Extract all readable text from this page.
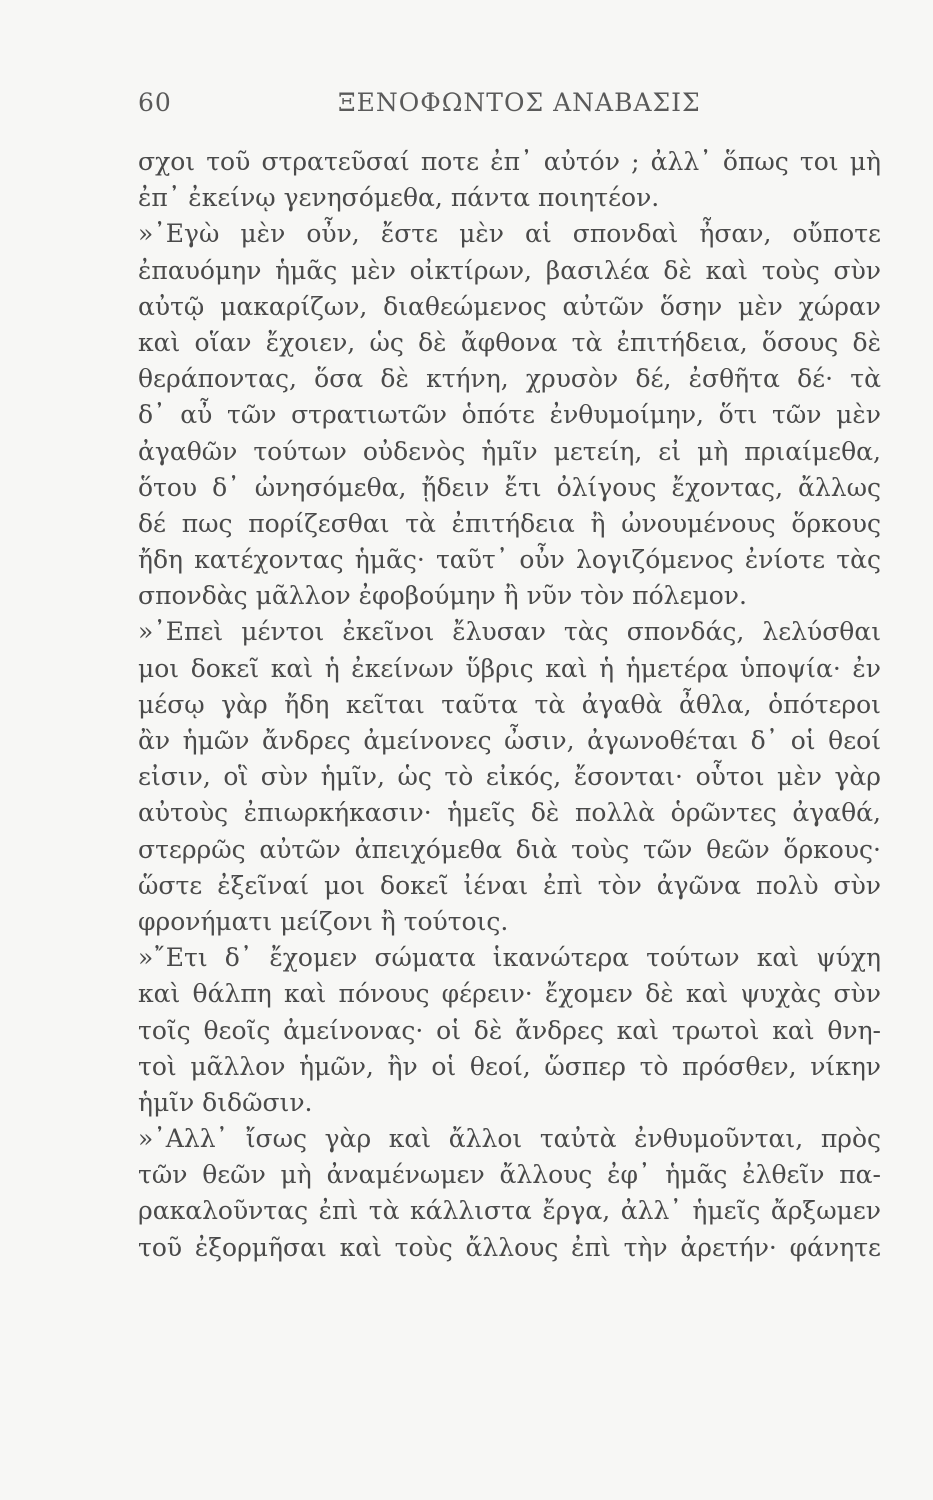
60	ΞΕΝΟΦΩΝΤΟΣ ΑΝΑΒΑΣΙΣ
σχοι τοῦ στρατεῦσαί ποτε ἐπ᾽ αὐτόν ; ἀλλ᾽ ὅπως τοι μὴ
ἐπ᾽ ἐκείνῳ γενησόμεθα, πάντα ποιητέον.
»᾽Εγὼ μὲν οὖν, ἔστε μὲν αἱ σπονδαὶ ἦσαν, οὔποτε
ἐπαυόμην ἡμᾶς μὲν οἰκτίρων, βασιλέα δὲ καὶ τοὺς σὺν
αὐτῷ μακαρίζων, διαθεώμενος αὐτῶν ὅσην μὲν χώραν
καὶ οἵαν ἔχοιεν, ὡς δὲ ἄφθονα τὰ ἐπιτήδεια, ὅσους δὲ
θεράποντας, ὅσα δὲ κτήνη, χρυσὸν δέ, ἐσθῆτα δέ· τὰ
δ᾽ αὖ τῶν στρατιωτῶν ὁπότε ἐνθυμοίμην, ὅτι τῶν μὲν
ἀγαθῶν τούτων οὐδενὸς ἡμῖν μετείη, εἰ μὴ πριαίμεθα,
ὅτου δ᾽ ὠνησόμεθα, ᾔδειν ἔτι ὀλίγους ἔχοντας, ἄλλως
δέ πως πορίζεσθαι τὰ ἐπιτήδεια ἢ ὠνουμένους ὅρκους
ἤδη κατέχοντας ἡμᾶς· ταῦτ᾽ οὖν λογιζόμενος ἐνίοτε τὰς
σπονδὰς μᾶλλον ἐφοβούμην ἢ νῦν τὸν πόλεμον.
»᾽Επεὶ μέντοι ἐκεῖνοι ἔλυσαν τὰς σπονδάς, λελύσθαι
μοι δοκεῖ καὶ ἡ ἐκείνων ὕβρις καὶ ἡ ἡμετέρα ὑποψία· ἐν
μέσῳ γὰρ ἤδη κεῖται ταῦτα τὰ ἀγαθὰ ἆθλα, ὁπότεροι
ἂν ἡμῶν ἄνδρες ἀμείνονες ὦσιν, ἀγωνοθέται δ᾽ οἱ θεοί
εἰσιν, οἳ σὺν ἡμῖν, ὡς τὸ εἰκός, ἔσονται· οὗτοι μὲν γὰρ
αὐτοὺς ἐπιωρκήκασιν· ἡμεῖς δὲ πολλὰ ὁρῶντες ἀγαθά,
στερρῶς αὐτῶν ἀπειχόμεθα διὰ τοὺς τῶν θεῶν ὅρκους·
ὥστε ἐξεῖναί μοι δοκεῖ ἰέναι ἐπὶ τὸν ἀγῶνα πολὺ σὺν
φρονήματι μείζονι ἢ τούτοις.
»῎Ετι δ᾽ ἔχομεν σώματα ἱκανώτερα τούτων καὶ ψύχη
καὶ θάλπη καὶ πόνους φέρειν· ἔχομεν δὲ καὶ ψυχὰς σὺν
τοῖς θεοῖς ἀμείνονας· οἱ δὲ ἄνδρες καὶ τρωτοὶ καὶ θνη-
τοὶ μᾶλλον ἡμῶν, ἢν οἱ θεοί, ὥσπερ τὸ πρόσθεν, νίκην
ἡμῖν διδῶσιν.
»᾽Αλλ᾽ ἴσως γὰρ καὶ ἄλλοι ταὐτὰ ἐνθυμοῦνται, πρὸς
τῶν θεῶν μὴ ἀναμένωμεν ἄλλους ἐφ᾽ ἡμᾶς ἐλθεῖν πα-
ρακαλοῦντας ἐπὶ τὰ κάλλιστα ἔργα, ἀλλ᾽ ἡμεῖς ἄρξωμεν
τοῦ ἐξορμῆσαι καὶ τοὺς ἄλλους ἐπὶ τὴν ἀρετήν· φάνητε
